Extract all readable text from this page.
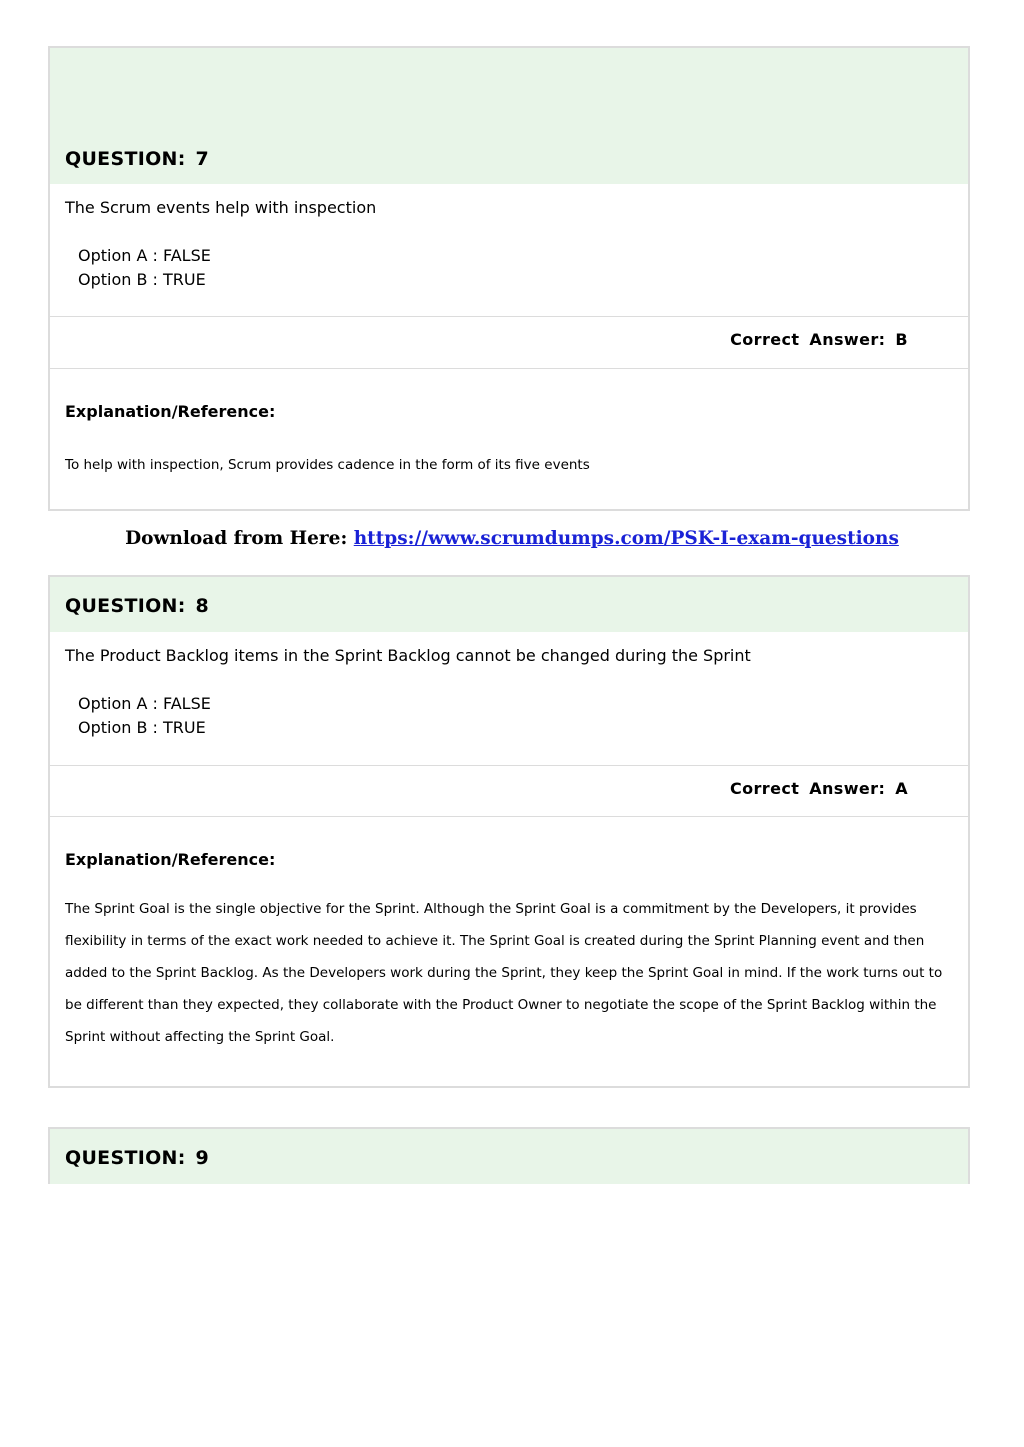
QUESTION: 7

The Scrum events help with inspection

Option A : FALSE
Option B : TRUE
Correct Answer: B

Explanation/Reference:

To help with inspection, Scrum provides cadence in the form of its five events

Download from Here: https://www.scrumdumps.com/PSK-I-exam-questions
QUESTION: 8

The Product Backlog items in the Sprint Backlog cannot be changed during the Sprint

Option A : FALSE
Option B : TRUE
Correct Answer: A

Explanation/Reference:

The Sprint Goal is the single objective for the Sprint. Although the Sprint Goal is a commitment by the Developers, it provides flexibility in terms of the exact work needed to achieve it. The Sprint Goal is created during the Sprint Planning event and then added to the Sprint Backlog. As the Developers work during the Sprint, they keep the Sprint Goal in mind. If the work turns out to be different than they expected, they collaborate with the Product Owner to negotiate the scope of the Sprint Backlog within the Sprint without affecting the Sprint Goal.

QUESTION: 9
